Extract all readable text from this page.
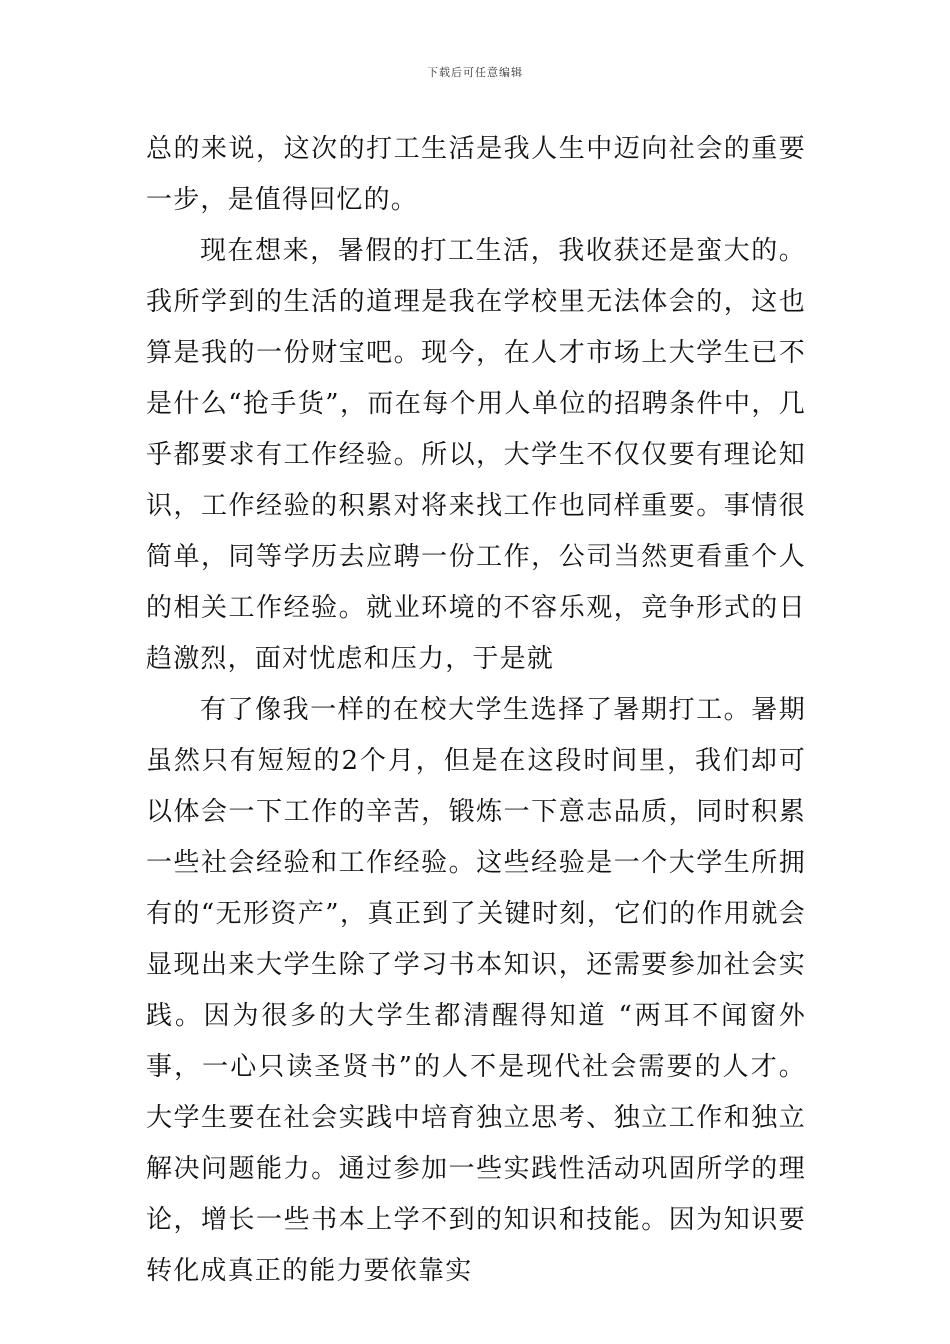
下载后可任意编辑

总的来说，这次的打工生活是我人生中迈向社会的重要一步，是值得回忆的。

现在想来，暑假的打工生活，我收获还是蛮大的。我所学到的生活的道理是我在学校里无法体会的，这也算是我的一份财宝吧。现今，在人才市场上大学生已不是什么“抢手货”，而在每个用人单位的招聘条件中，几乎都要求有工作经验。所以，大学生不仅仅要有理论知识，工作经验的积累对将来找工作也同样重要。事情很简单，同等学历去应聘一份工作，公司当然更看重个人的相关工作经验。就业环境的不容乐观，竞争形式的日趋激烈，面对忧虑和压力，于是就

有了像我一样的在校大学生选择了暑期打工。暑期虽然只有短短的2个月，但是在这段时间里，我们却可以体会一下工作的辛苦，锻炼一下意志品质，同时积累一些社会经验和工作经验。这些经验是一个大学生所拥有的“无形资产”，真正到了关键时刻，它们的作用就会显现出来大学生除了学习书本知识，还需要参加社会实践。因为很多的大学生都清醒得知道 “两耳不闻窗外事，一心只读圣贤书”的人不是现代社会需要的人才。大学生要在社会实践中培育独立思考、独立工作和独立解决问题能力。通过参加一些实践性活动巩固所学的理论，增长一些书本上学不到的知识和技能。因为知识要转化成真正的能力要依靠实
